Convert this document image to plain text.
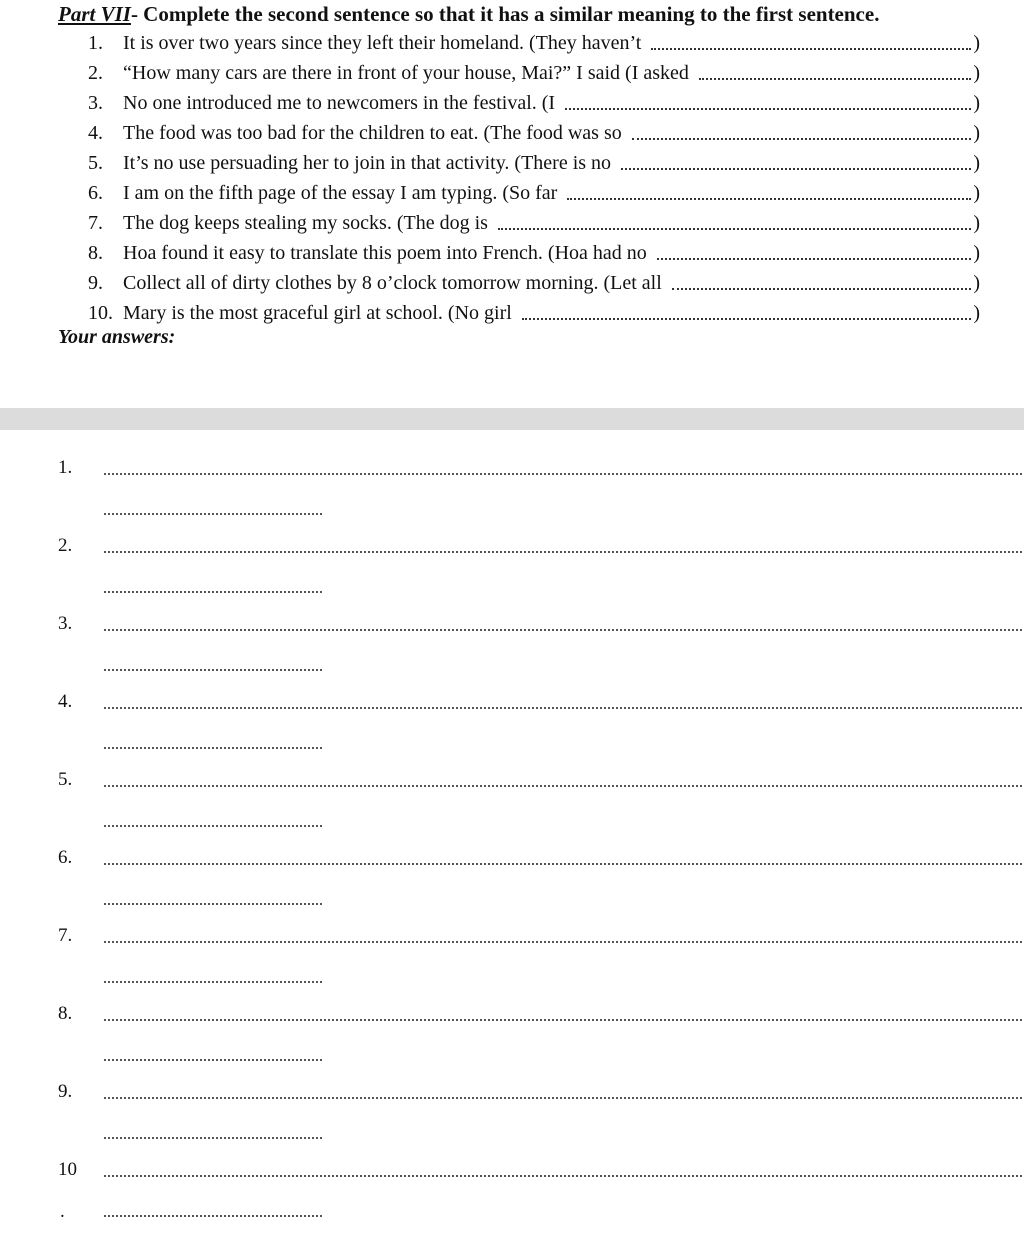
Part VII- Complete the second sentence so that it has a similar meaning to the first sentence.
1.	It is over two years since they left their homeland. (They haven’t	)
2.	“How many cars are there in front of your house, Mai?” I said (I asked	)
3.	No one introduced me to newcomers in the festival. (I	)
4.	The food was too bad for the children to eat. (The food was so	)
5.	It’s no use persuading her to join in that activity. (There is no	)
6.	I am on the fifth page of the essay I am typing. (So far	)
7.	The dog keeps stealing my socks. (The dog is	)
8.	Hoa found it easy to translate this poem into French. (Hoa had no	)
9.	Collect all of dirty clothes by 8 o’clock tomorrow morning. (Let all	)
10. Mary is the most graceful girl at school. (No girl	)
Your answers:
1.
2.
3.
4.
5.
6.
7.
8.
9.
10
.
